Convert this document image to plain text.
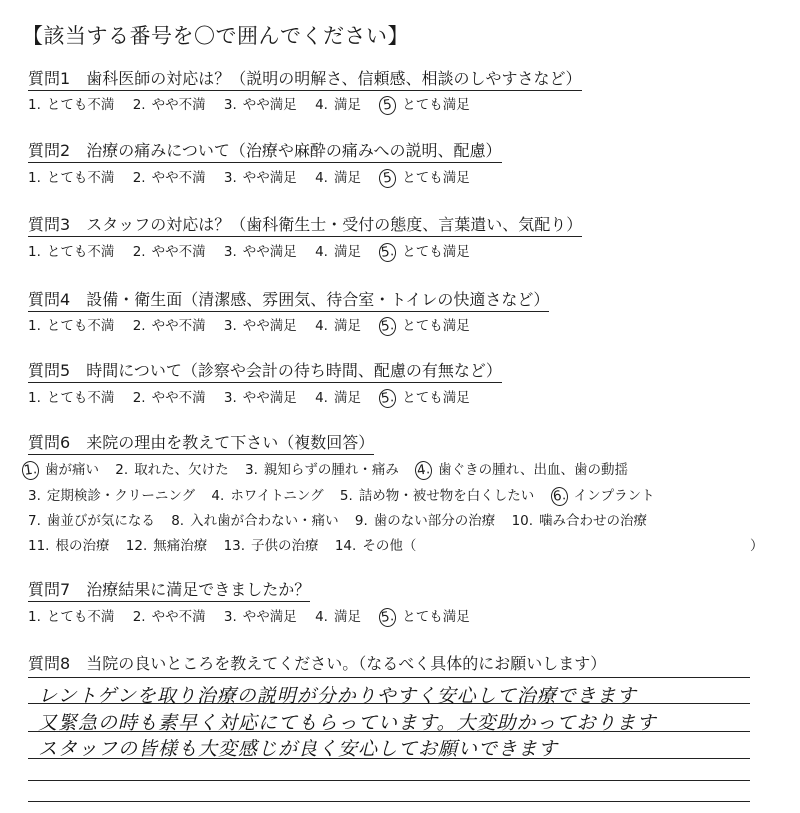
【該当する番号を〇で囲んでください】
質問1 歯科医師の対応は？（説明の明解さ、信頼感、相談のしやすさなど）
1. とても不満 2. やや不満 3. やや満足 4. 満足 5 とても満足
質問2 治療の痛みについて（治療や麻酔の痛みへの説明、配慮）
1. とても不満 2. やや不満 3. やや満足 4. 満足 5 とても満足
質問3 スタッフの対応は？（歯科衛生士・受付の態度、言葉遣い、気配り）
1. とても不満 2. やや不満 3. やや満足 4. 満足 5. とても満足
質問4 設備・衛生面（清潔感、雰囲気、待合室・トイレの快適さなど）
1. とても不満 2. やや不満 3. やや満足 4. 満足 5. とても満足
質問5 時間について（診察や会計の待ち時間、配慮の有無など）
1. とても不満 2. やや不満 3. やや満足 4. 満足 5. とても満足
質問6 来院の理由を教えて下さい（複数回答）
1. 歯が痛い 2. 取れた、欠けた 3. 親知らずの腫れ・痛み 4. 歯ぐきの腫れ、出血、歯の動揺
3. 定期検診・クリーニング 4. ホワイトニング 5. 詰め物・被せ物を白くしたい 6. インプラント
7. 歯並びが気になる 8. 入れ歯が合わない・痛い 9. 歯のない部分の治療 10. 噛み合わせの治療
11. 根の治療 12. 無痛治療 13. 子供の治療 14. その他（	）
質問7 治療結果に満足できましたか？
1. とても不満 2. やや不満 3. やや満足 4. 満足 5. とても満足
質問8 当院の良いところを教えてください。（なるべく具体的にお願いします）
レントゲンを取り治療の説明が分かりやすく安心して治療できます
又緊急の時も素早く対応にてもらっています。大変助かっております
スタッフの皆様も大変感じが良く安心してお願いできます
